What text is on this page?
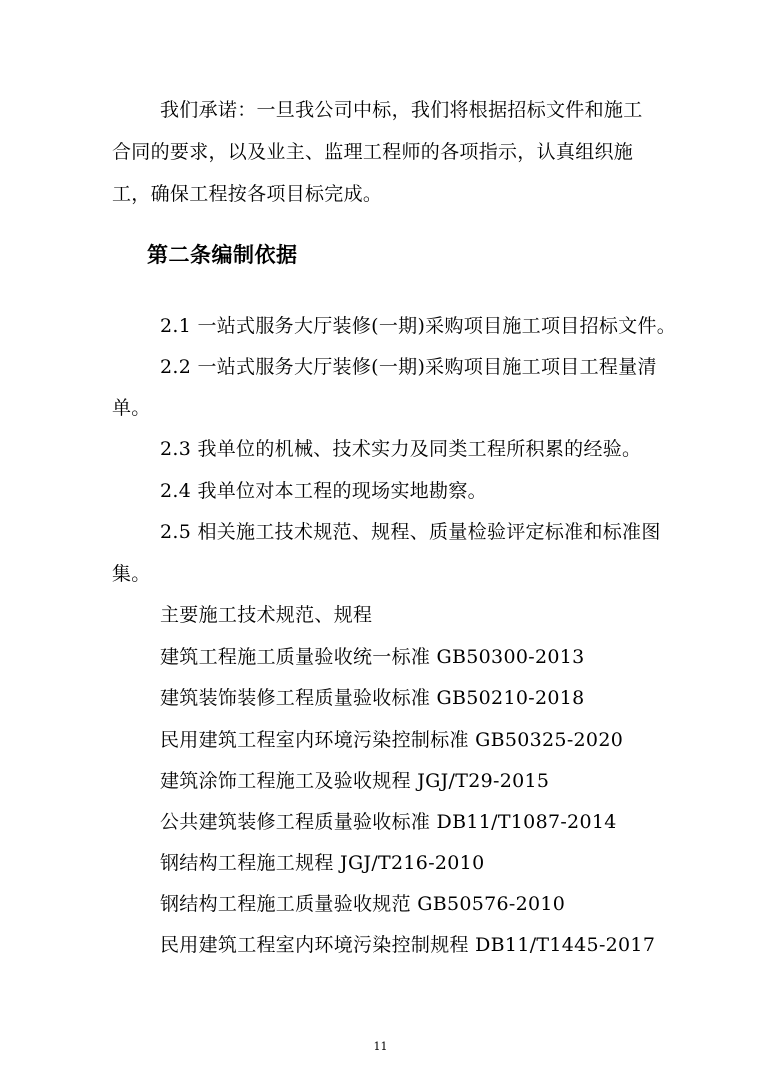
我们承诺：一旦我公司中标，我们将根据招标文件和施工
合同的要求，以及业主、监理工程师的各项指示，认真组织施
工，确保工程按各项目标完成。
第二条编制依据
2.1 一站式服务大厅装修(一期)采购项目施工项目招标文件。
2.2 一站式服务大厅装修(一期)采购项目施工项目工程量清
单。
2.3 我单位的机械、技术实力及同类工程所积累的经验。
2.4 我单位对本工程的现场实地勘察。
2.5 相关施工技术规范、规程、质量检验评定标准和标准图
集。
主要施工技术规范、规程
建筑工程施工质量验收统一标准 GB50300-2013
建筑装饰装修工程质量验收标准 GB50210-2018
民用建筑工程室内环境污染控制标准 GB50325-2020
建筑涂饰工程施工及验收规程 JGJ/T29-2015
公共建筑装修工程质量验收标准 DB11/T1087-2014
钢结构工程施工规程 JGJ/T216-2010
钢结构工程施工质量验收规范 GB50576-2010
民用建筑工程室内环境污染控制规程 DB11/T1445-2017
11
